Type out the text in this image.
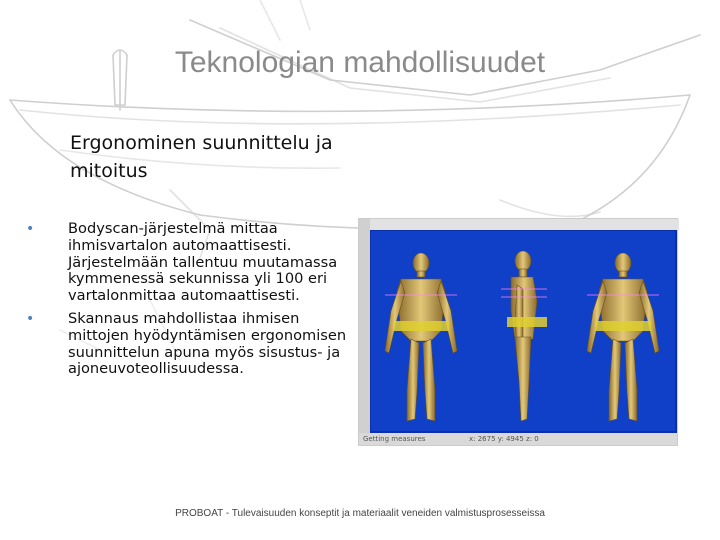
Teknologian mahdollisuudet
Ergonominen suunnittelu ja mitoitus
• Bodyscan-järjestelmä mittaa ihmisvartalon automaattisesti. Järjestelmään tallentuu muutamassa kymmenessä sekunnissa yli 100 eri vartalonmittaa automaattisesti.
• Skannaus mahdollistaa ihmisen mittojen hyödyntämisen ergonomisen suunnittelun apuna myös sisustus- ja ajoneuvoteollisuudessa.
Getting measures	x: 2675 y: 4945 z: 0
PROBOAT - Tulevaisuuden konseptit ja materiaalit veneiden valmistusprosesseissa
